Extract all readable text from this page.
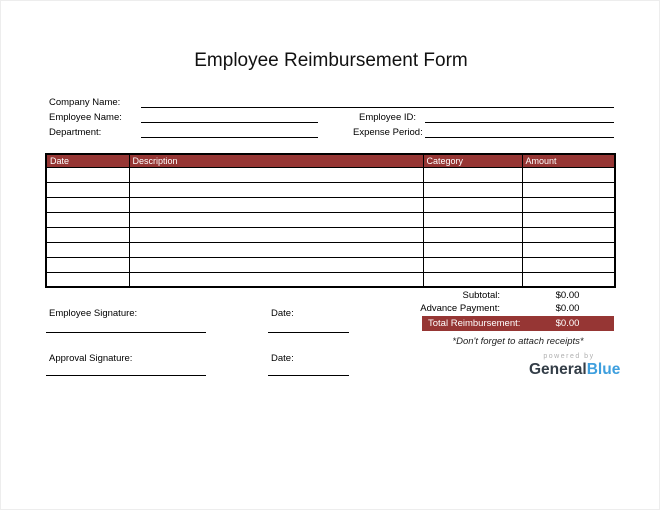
Employee Reimbursement Form
Company Name:
Employee Name:	Employee ID:
Department:	Expense Period:
Date	Description	Category	Amount

Subtotal:	$0.00
Advance Payment:	$0.00
Total Reimbursement:	$0.00
*Don't forget to attach receipts*
Employee Signature:	Date:
Approval Signature:	Date:	powered by
GeneralBlue
